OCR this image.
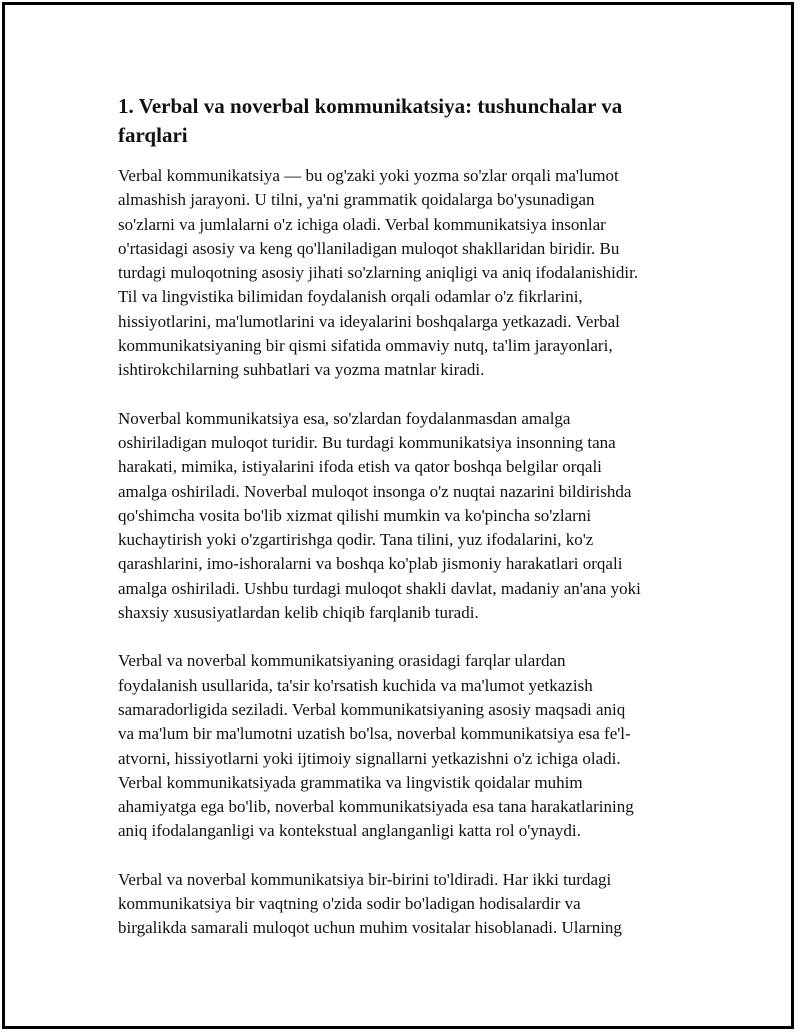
1. Verbal va noverbal kommunikatsiya: tushunchalar va
farqlari

Verbal kommunikatsiya — bu og'zaki yoki yozma so'zlar orqali ma'lumot
almashish jarayoni. U tilni, ya'ni grammatik qoidalarga bo'ysunadigan
so'zlarni va jumlalarni o'z ichiga oladi. Verbal kommunikatsiya insonlar
o'rtasidagi asosiy va keng qo'llaniladigan muloqot shakllaridan biridir. Bu
turdagi muloqotning asosiy jihati so'zlarning aniqligi va aniq ifodalanishidir.
Til va lingvistika bilimidan foydalanish orqali odamlar o'z fikrlarini,
hissiyotlarini, ma'lumotlarini va ideyalarini boshqalarga yetkazadi. Verbal
kommunikatsiyaning bir qismi sifatida ommaviy nutq, ta'lim jarayonlari,
ishtirokchilarning suhbatlari va yozma matnlar kiradi.

Noverbal kommunikatsiya esa, so'zlardan foydalanmasdan amalga
oshiriladigan muloqot turidir. Bu turdagi kommunikatsiya insonning tana
harakati, mimika, istiyalarini ifoda etish va qator boshqa belgilar orqali
amalga oshiriladi. Noverbal muloqot insonga o'z nuqtai nazarini bildirishda
qo'shimcha vosita bo'lib xizmat qilishi mumkin va ko'pincha so'zlarni
kuchaytirish yoki o'zgartirishga qodir. Tana tilini, yuz ifodalarini, ko'z
qarashlarini, imo-ishoralarni va boshqa ko'plab jismoniy harakatlari orqali
amalga oshiriladi. Ushbu turdagi muloqot shakli davlat, madaniy an'ana yoki
shaxsiy xususiyatlardan kelib chiqib farqlanib turadi.

Verbal va noverbal kommunikatsiyaning orasidagi farqlar ulardan
foydalanish usullarida, ta'sir ko'rsatish kuchida va ma'lumot yetkazish
samaradorligida seziladi. Verbal kommunikatsiyaning asosiy maqsadi aniq
va ma'lum bir ma'lumotni uzatish bo'lsa, noverbal kommunikatsiya esa fe'l-
atvorni, hissiyotlarni yoki ijtimoiy signallarni yetkazishni o'z ichiga oladi.
Verbal kommunikatsiyada grammatika va lingvistik qoidalar muhim
ahamiyatga ega bo'lib, noverbal kommunikatsiyada esa tana harakatlarining
aniq ifodalanganligi va kontekstual anglanganligi katta rol o'ynaydi.

Verbal va noverbal kommunikatsiya bir-birini to'ldiradi. Har ikki turdagi
kommunikatsiya bir vaqtning o'zida sodir bo'ladigan hodisalardir va
birgalikda samarali muloqot uchun muhim vositalar hisoblanadi. Ularning
